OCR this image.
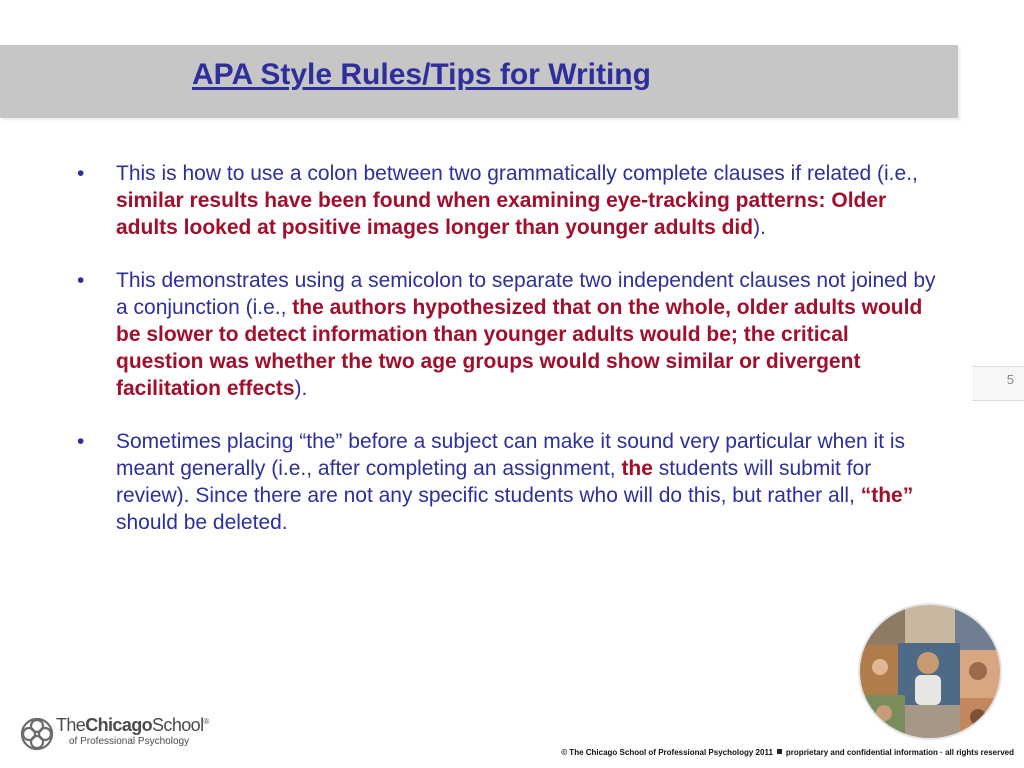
APA Style Rules/Tips for Writing
• This is how to use a colon between two grammatically complete clauses if related (i.e., similar results have been found when examining eye-tracking patterns: Older adults looked at positive images longer than younger adults did).
• This demonstrates using a semicolon to separate two independent clauses not joined by a conjunction (i.e., the authors hypothesized that on the whole, older adults would be slower to detect information than younger adults would be; the critical question was whether the two age groups would show similar or divergent facilitation effects).
• Sometimes placing “the” before a subject can make it sound very particular when it is meant generally (i.e., after completing an assignment, the students will submit for review). Since there are not any specific students who will do this, but rather all, “the” should be deleted.
5
TheChicagoSchool®
of Professional Psychology
© The Chicago School of Professional Psychology 2011 proprietary and confidential information · all rights reserved
